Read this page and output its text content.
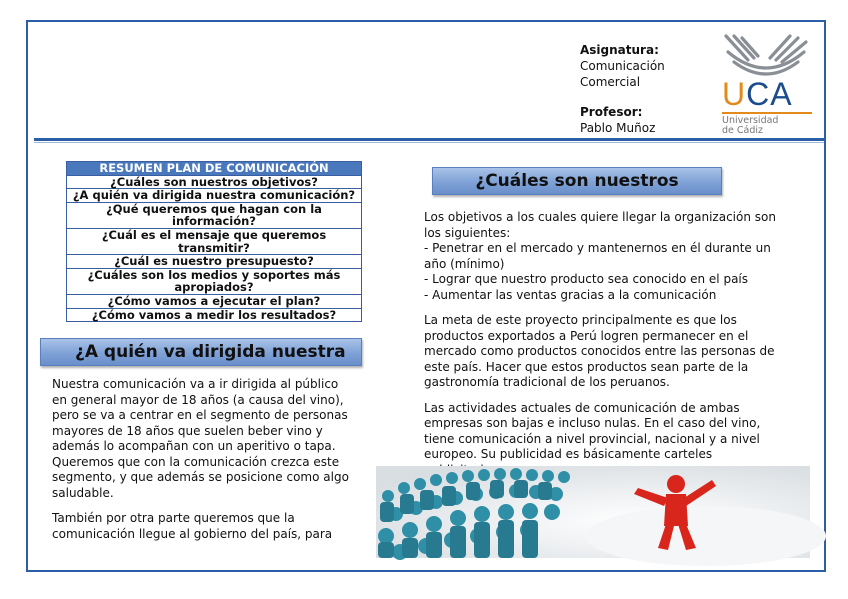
Asignatura:
Comunicación
Comercial
Profesor:
Pablo Muñoz
UCA
Universidad
de Cádiz
RESUMEN PLAN DE COMUNICACIÓN
¿Cuáles son nuestros objetivos?
¿A quién va dirigida nuestra comunicación?
¿Qué queremos que hagan con la información?
¿Cuál es el mensaje que queremos transmitir?
¿Cuál es nuestro presupuesto?
¿Cuáles son los medios y soportes más apropiados?
¿Cómo vamos a ejecutar el plan?
¿Cómo vamos a medir los resultados?
¿Cuáles son nuestros
¿A quién va dirigida nuestra

Los objetivos a los cuales quiere llegar la organización son los siguientes:

- Penetrar en el mercado y mantenernos en él durante un año (mínimo)

- Lograr que nuestro producto sea conocido en el país

- Aumentar las ventas gracias a la comunicación

La meta de este proyecto principalmente es que los productos exportados a Perú logren permanecer en el mercado como productos conocidos entre las personas de este país. Hacer que estos productos sean parte de la gastronomía tradicional de los peruanos.

Las actividades actuales de comunicación de ambas empresas son bajas e incluso nulas. En el caso del vino, tiene comunicación a nivel provincial, nacional y a nivel europeo. Su publicidad es básicamente carteles

Nuestra comunicación va a ir dirigida al público en general mayor de 18 años (a causa del vino), pero se va a centrar en el segmento de personas mayores de 18 años que suelen beber vino y además lo acompañan con un aperitivo o tapa. Queremos que con la comunicación crezca este segmento, y que además se posicione como algo saludable.

También por otra parte queremos que la comunicación llegue al gobierno del país, para
